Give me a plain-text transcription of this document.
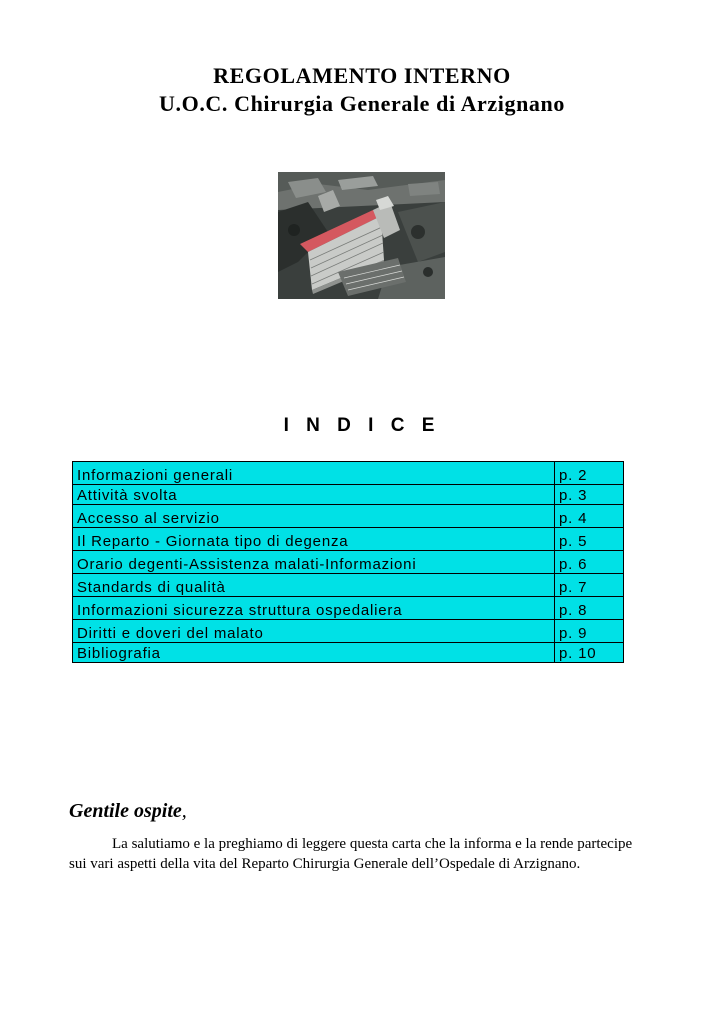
REGOLAMENTO INTERNO
U.O.C. Chirurgia Generale di Arzignano
I N D I C E
Informazioni generali	p. 2
Attività svolta	p. 3
Accesso al servizio	p. 4
Il Reparto - Giornata tipo di degenza	p. 5
Orario degenti-Assistenza malati-Informazioni	p. 6
Standards di qualità	p. 7
Informazioni sicurezza struttura ospedaliera	p. 8
Diritti e doveri del malato	p. 9
Bibliografia	p. 10

Gentile ospite,

La salutiamo e la preghiamo di leggere questa carta che la informa e la rende partecipe sui vari aspetti della vita del Reparto Chirurgia Generale dell’Ospedale di Arzignano.
